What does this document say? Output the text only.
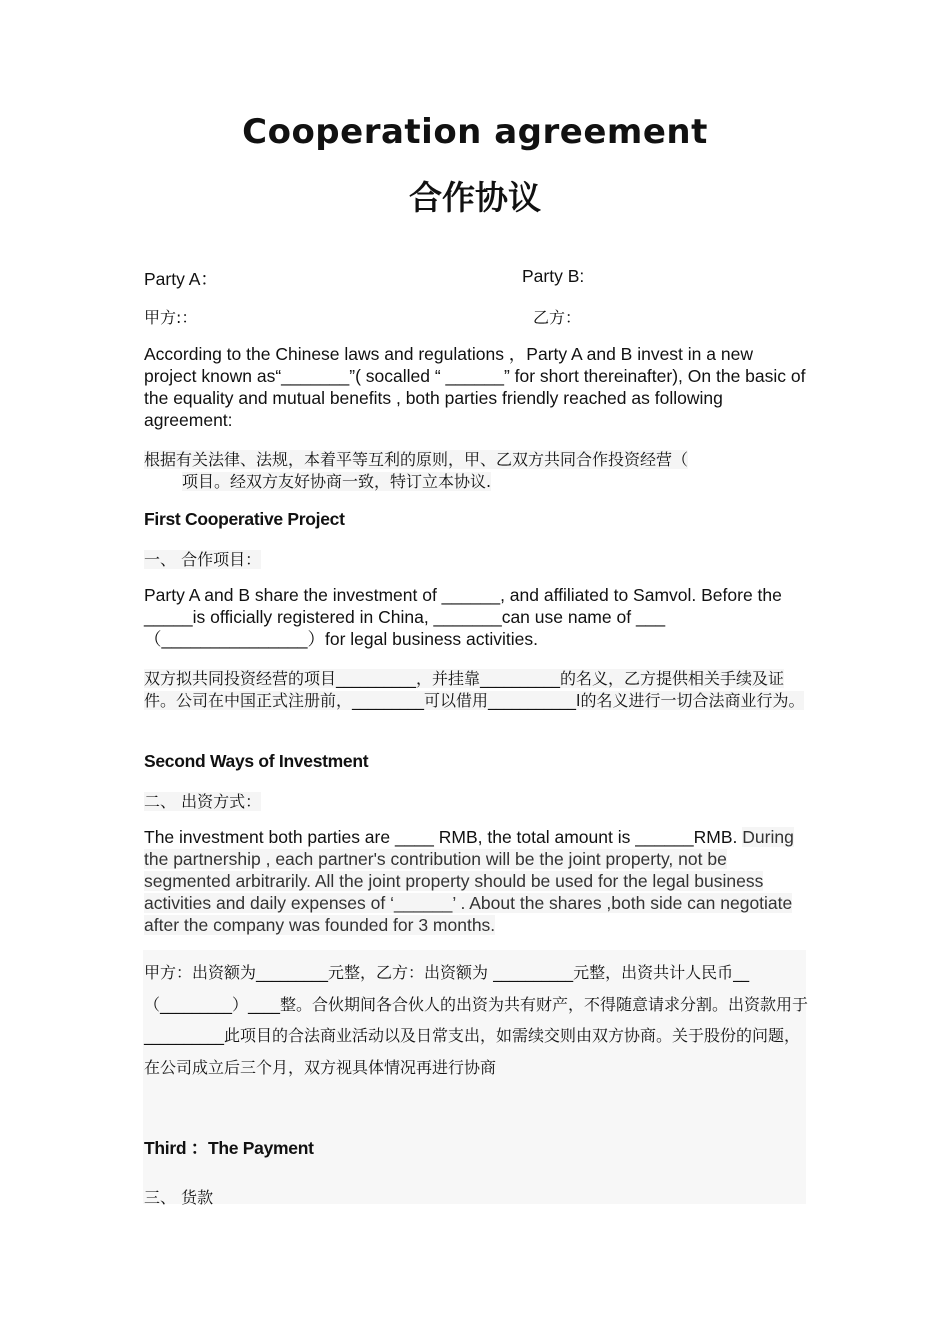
Cooperation agreement
合作协议
Party A：	Party B:
甲方:：	乙方：

According to the Chinese laws and regulations ，Party A and B invest in a new project known as“_______”( socalled “ ______” for short thereinafter), On the basic of the equality and mutual benefits , both parties friendly reached as following agreement:

根据有关法律、法规，本着平等互利的原则，甲、乙双方共同合作投资经营（
项目。经双方友好协商一致，特订立本协议.
First Cooperative Project
一、 合作项目：

Party A and B share the investment of ______, and affiliated to Samvol. Before the _____is officially registered in China, _______can use name of ___ （_______________）for legal business activities.

双方拟共同投资经营的项目__________，并挂靠__________的名义，乙方提供相关手续及证件。公司在中国正式注册前，_________可以借用___________l的名义进行一切合法商业行为。
Second Ways of Investment
二、 出资方式：
The investment both parties are ____ RMB, the total amount is ______RMB. During the partnership , each partner's contribution will be the joint property, not be segmented arbitrarily. All the joint property should be used for the legal business activities and daily expenses of ‘______’ . About the shares ,both side can negotiate after the company was founded for 3 months.
甲方：出资额为_________元整，乙方：出资额为 __________元整，出资共计人民币__（_________）____整。合伙期间各合伙人的出资为共有财产，不得随意请求分割。出资款用于__________此项目的合法商业活动以及日常支出，如需续交则由双方协商。关于股份的问题，在公司成立后三个月，双方视具体情况再进行协商
Third ：The Payment
三、 货款
